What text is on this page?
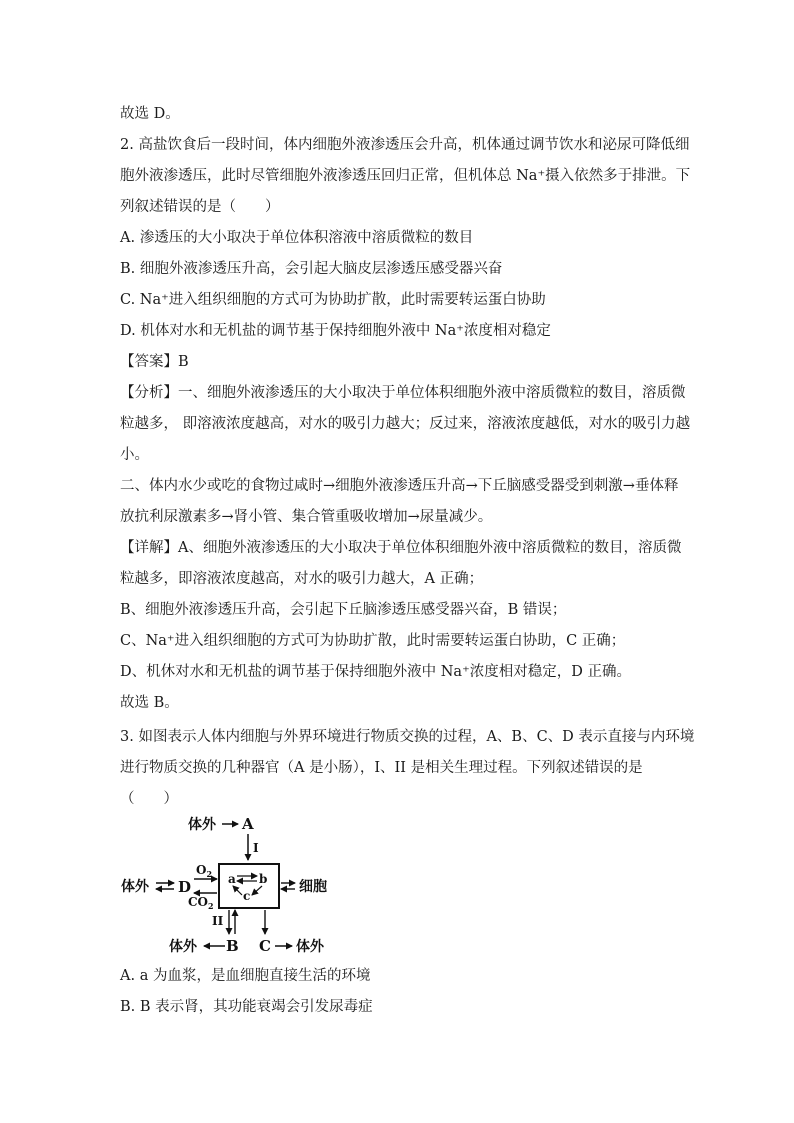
故选 D。
2. 高盐饮食后一段时间，体内细胞外液渗透压会升高，机体通过调节饮水和泌尿可降低细
胞外液渗透压，此时尽管细胞外液渗透压回归正常，但机体总 Na⁺摄入依然多于排泄。下
列叙述错误的是（　　）
A. 渗透压的大小取决于单位体积溶液中溶质微粒的数目
B. 细胞外液渗透压升高，会引起大脑皮层渗透压感受器兴奋
C. Na⁺进入组织细胞的方式可为协助扩散，此时需要转运蛋白协助
D. 机体对水和无机盐的调节基于保持细胞外液中 Na⁺浓度相对稳定
【答案】B
【分析】一、细胞外液渗透压的大小取决于单位体积细胞外液中溶质微粒的数目，溶质微
粒越多， 即溶液浓度越高，对水的吸引力越大；反过来，溶液浓度越低，对水的吸引力越
小。
二、体内水少或吃的食物过咸时→细胞外液渗透压升高→下丘脑感受器受到刺激→垂体释
放抗利尿激素多→肾小管、集合管重吸收增加→尿量减少。
【详解】A、细胞外液渗透压的大小取决于单位体积细胞外液中溶质微粒的数目，溶质微
粒越多，即溶液浓度越高，对水的吸引力越大，A 正确；
B、细胞外液渗透压升高，会引起下丘脑渗透压感受器兴奋，B 错误；
C、Na⁺进入组织细胞的方式可为协助扩散，此时需要转运蛋白协助，C 正确；
D、机休对水和无机盐的调节基于保持细胞外液中 Na⁺浓度相对稳定，D 正确。
故选 B。
3. 如图表示人体内细胞与外界环境进行物质交换的过程，A、B、C、D 表示直接与内环境
进行物质交换的几种器官（A 是小肠），I、II 是相关生理过程。下列叙述错误的是
（　　）
体外 A
I
a b
c
体外 D
$O_2$
$CO_2$
细胞
II
体外 B C 体外
A. a 为血浆，是血细胞直接生活的环境
B. B 表示肾，其功能衰竭会引发尿毒症
